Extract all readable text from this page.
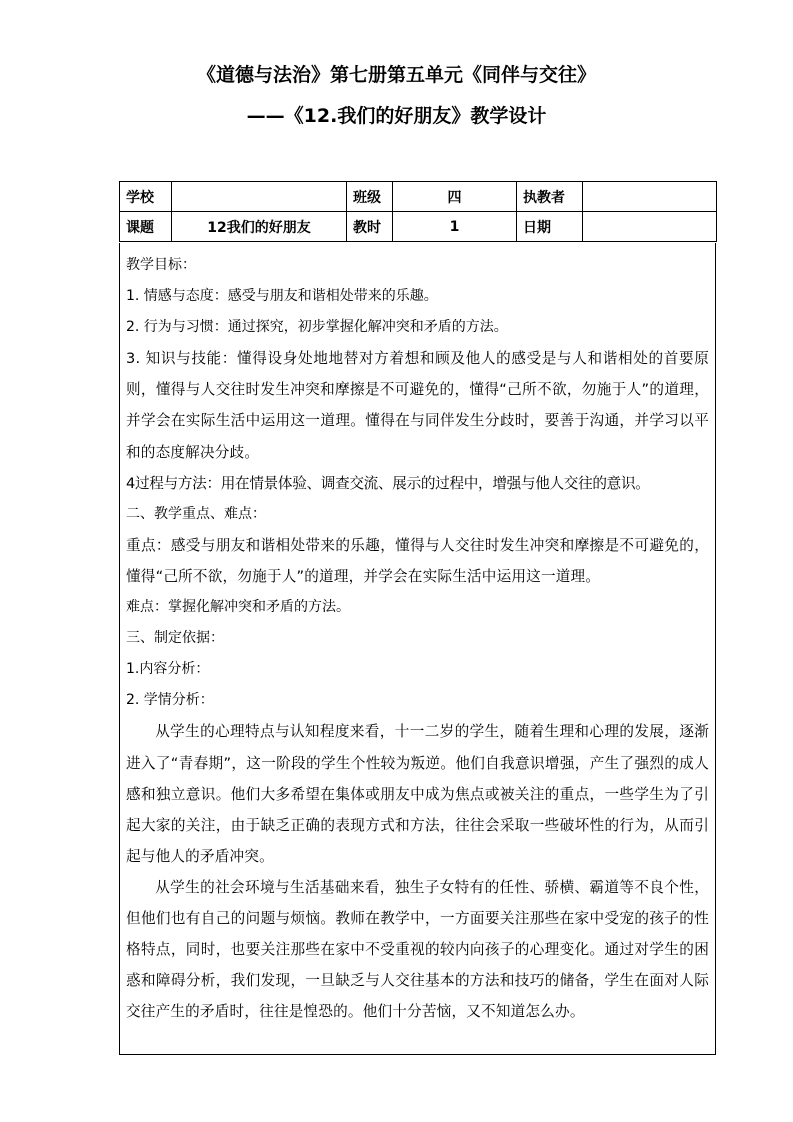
《道德与法治》第七册第五单元《同伴与交往》
——《12.我们的好朋友》教学设计
学校		班级	四	执教者	
课题	12我们的好朋友	教时	1	日期	

教学目标：

1. 情感与态度：感受与朋友和谐相处带来的乐趣。

2. 行为与习惯：通过探究，初步掌握化解冲突和矛盾的方法。

3. 知识与技能：懂得设身处地地替对方着想和顾及他人的感受是与人和谐相处的首要原则，懂得与人交往时发生冲突和摩擦是不可避免的，懂得“己所不欲，勿施于人”的道理，并学会在实际生活中运用这一道理。懂得在与同伴发生分歧时，要善于沟通，并学习以平和的态度解决分歧。

4过程与方法：用在情景体验、调查交流、展示的过程中，增强与他人交往的意识。

二、教学重点、难点：

重点：感受与朋友和谐相处带来的乐趣，懂得与人交往时发生冲突和摩擦是不可避免的，懂得“己所不欲，勿施于人”的道理，并学会在实际生活中运用这一道理。

难点：掌握化解冲突和矛盾的方法。

三、制定依据：

1.内容分析：

2. 学情分析：

从学生的心理特点与认知程度来看，十一二岁的学生，随着生理和心理的发展，逐渐进入了“青春期”，这一阶段的学生个性较为叛逆。他们自我意识增强，产生了强烈的成人感和独立意识。他们大多希望在集体或朋友中成为焦点或被关注的重点，一些学生为了引起大家的关注，由于缺乏正确的表现方式和方法，往往会采取一些破坏性的行为，从而引起与他人的矛盾冲突。

从学生的社会环境与生活基础来看，独生子女特有的任性、骄横、霸道等不良个性，但他们也有自己的问题与烦恼。教师在教学中，一方面要关注那些在家中受宠的孩子的性格特点，同时，也要关注那些在家中不受重视的较内向孩子的心理变化。通过对学生的困惑和障碍分析，我们发现，一旦缺乏与人交往基本的方法和技巧的储备，学生在面对人际交往产生的矛盾时，往往是惶恐的。他们十分苦恼，又不知道怎么办。
